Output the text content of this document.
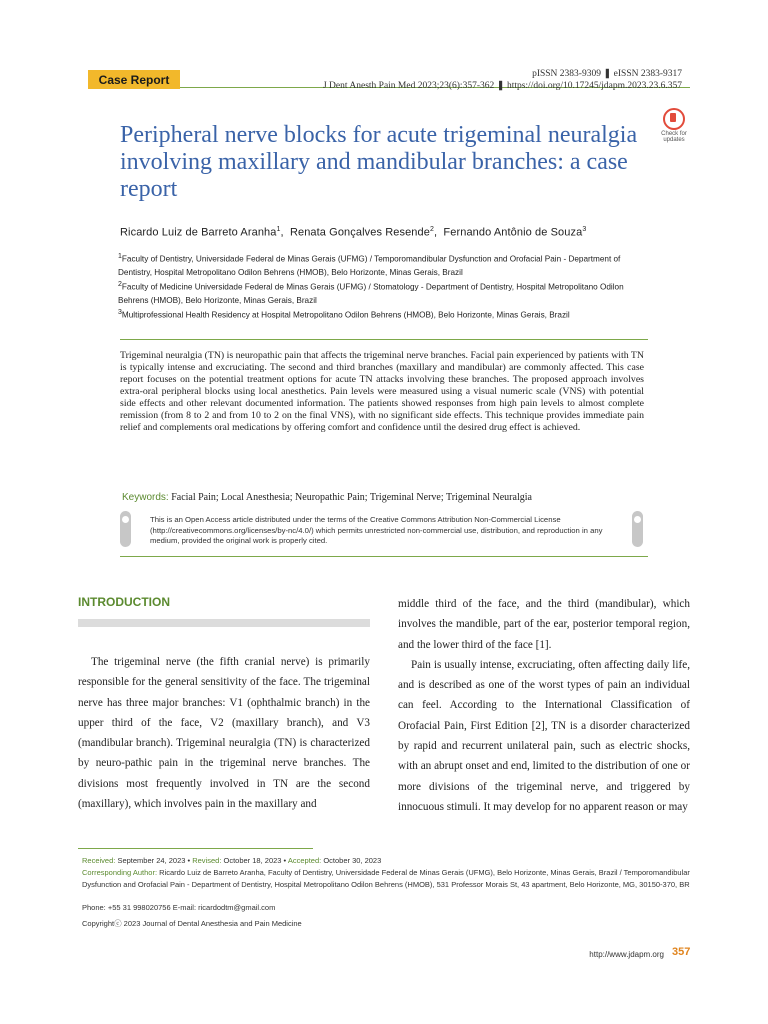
Case Report	pISSN 2383-9309 ❚ eISSN 2383-9317
J Dent Anesth Pain Med 2023;23(6):357-362 ❚ https://doi.org/10.17245/jdapm.2023.23.6.357
Peripheral nerve blocks for acute trigeminal neuralgia involving maxillary and mandibular branches: a case report
Check for updates
Ricardo Luiz de Barreto Aranha$^1$,  Renata Gonçalves Resende$^2$,  Fernando Antônio de Souza$^3$
$^1$Faculty of Dentistry, Universidade Federal de Minas Gerais (UFMG) / Temporomandibular Dysfunction and Orofacial Pain - Department of Dentistry, Hospital Metropolitano Odilon Behrens (HMOB), Belo Horizonte, Minas Gerais, Brazil
$^2$Faculty of Medicine Universidade Federal de Minas Gerais (UFMG) / Stomatology - Department of Dentistry, Hospital Metropolitano Odilon Behrens (HMOB), Belo Horizonte, Minas Gerais, Brazil
$^3$Multiprofessional Health Residency at Hospital Metropolitano Odilon Behrens (HMOB), Belo Horizonte, Minas Gerais, Brazil
Trigeminal neuralgia (TN) is neuropathic pain that affects the trigeminal nerve branches. Facial pain experienced by patients with TN is typically intense and excruciating. The second and third branches (maxillary and mandibular) are commonly affected. This case report focuses on the potential treatment options for acute TN attacks involving these branches. The proposed approach involves extra-oral peripheral blocks using local anesthetics. Pain levels were measured using a visual numeric scale (VNS) with potential side effects and other relevant documented information. The patients showed responses from high pain levels to almost complete remission (from 8 to 2 and from 10 to 2 on the final VNS), with no significant side effects. This technique provides immediate pain relief and complements oral medications by offering comfort and confidence until the desired drug effect is achieved.
Keywords: Facial Pain; Local Anesthesia; Neuropathic Pain; Trigeminal Nerve; Trigeminal Neuralgia
This is an Open Access article distributed under the terms of the Creative Commons Attribution Non-Commercial License (http://creativecommons.org/licenses/by-nc/4.0/) which permits unrestricted non-commercial use, distribution, and reproduction in any medium, provided the original work is properly cited.
INTRODUCTION

The trigeminal nerve (the fifth cranial nerve) is primarily responsible for the general sensitivity of the face. The trigeminal nerve has three major branches: V1 (ophthalmic branch) in the upper third of the face, V2 (maxillary branch), and V3 (mandibular branch). Trigeminal neuralgia (TN) is characterized by neuro-pathic pain in the trigeminal nerve branches. The divisions most frequently involved in TN are the second (maxillary), which involves pain in the maxillary and

middle third of the face, and the third (mandibular), which involves the mandible, part of the ear, posterior temporal region, and the lower third of the face [1].

Pain is usually intense, excruciating, often affecting daily life, and is described as one of the worst types of pain an individual can feel. According to the International Classification of Orofacial Pain, First Edition [2], TN is a disorder characterized by rapid and recurrent unilateral pain, such as electric shocks, with an abrupt onset and end, limited to the distribution of one or more divisions of the trigeminal nerve, and triggered by innocuous stimuli. It may develop for no apparent reason or may

Received: September 24, 2023 • Revised: October 18, 2023 • Accepted: October 30, 2023
Corresponding Author: Ricardo Luiz de Barreto Aranha, Faculty of Dentistry, Universidade Federal de Minas Gerais (UFMG), Belo Horizonte, Minas Gerais, Brazil / Temporomandibular Dysfunction and Orofacial Pain - Department of Dentistry, Hospital Metropolitano Odilon Behrens (HMOB), 531 Professor Morais St, 43 apartment, Belo Horizonte, MG, 30150-370, BR
Phone: +55 31 998020756 E-mail: ricardodtm@gmail.com
Copyrightⓒ 2023 Journal of Dental Anesthesia and Pain Medicine
http://www.jdapm.org 357
